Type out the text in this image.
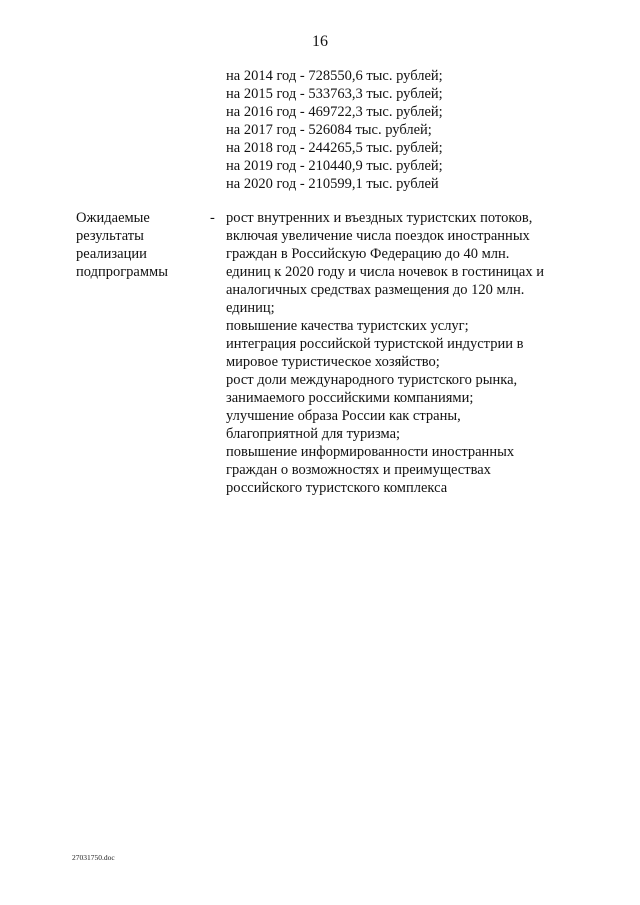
16
на 2014 год - 728550,6 тыс. рублей;
на 2015 год - 533763,3 тыс. рублей;
на 2016 год - 469722,3 тыс. рублей;
на 2017 год - 526084 тыс. рублей;
на 2018 год - 244265,5 тыс. рублей;
на 2019 год - 210440,9 тыс. рублей;
на 2020 год - 210599,1 тыс. рублей
Ожидаемые
результаты
реализации
подпрограммы
- рост внутренних и въездных туристских потоков,
включая увеличение числа поездок иностранных
граждан в Российскую Федерацию до 40 млн.
единиц к 2020 году и числа ночевок в гостиницах и
аналогичных средствах размещения до 120 млн.
единиц;
повышение качества туристских услуг;
интеграция российской туристской индустрии в
мировое туристическое хозяйство;
рост доли международного туристского рынка,
занимаемого российскими компаниями;
улучшение образа России как страны,
благоприятной для туризма;
повышение информированности иностранных
граждан о возможностях и преимуществах
российского туристского комплекса
27031750.doc
